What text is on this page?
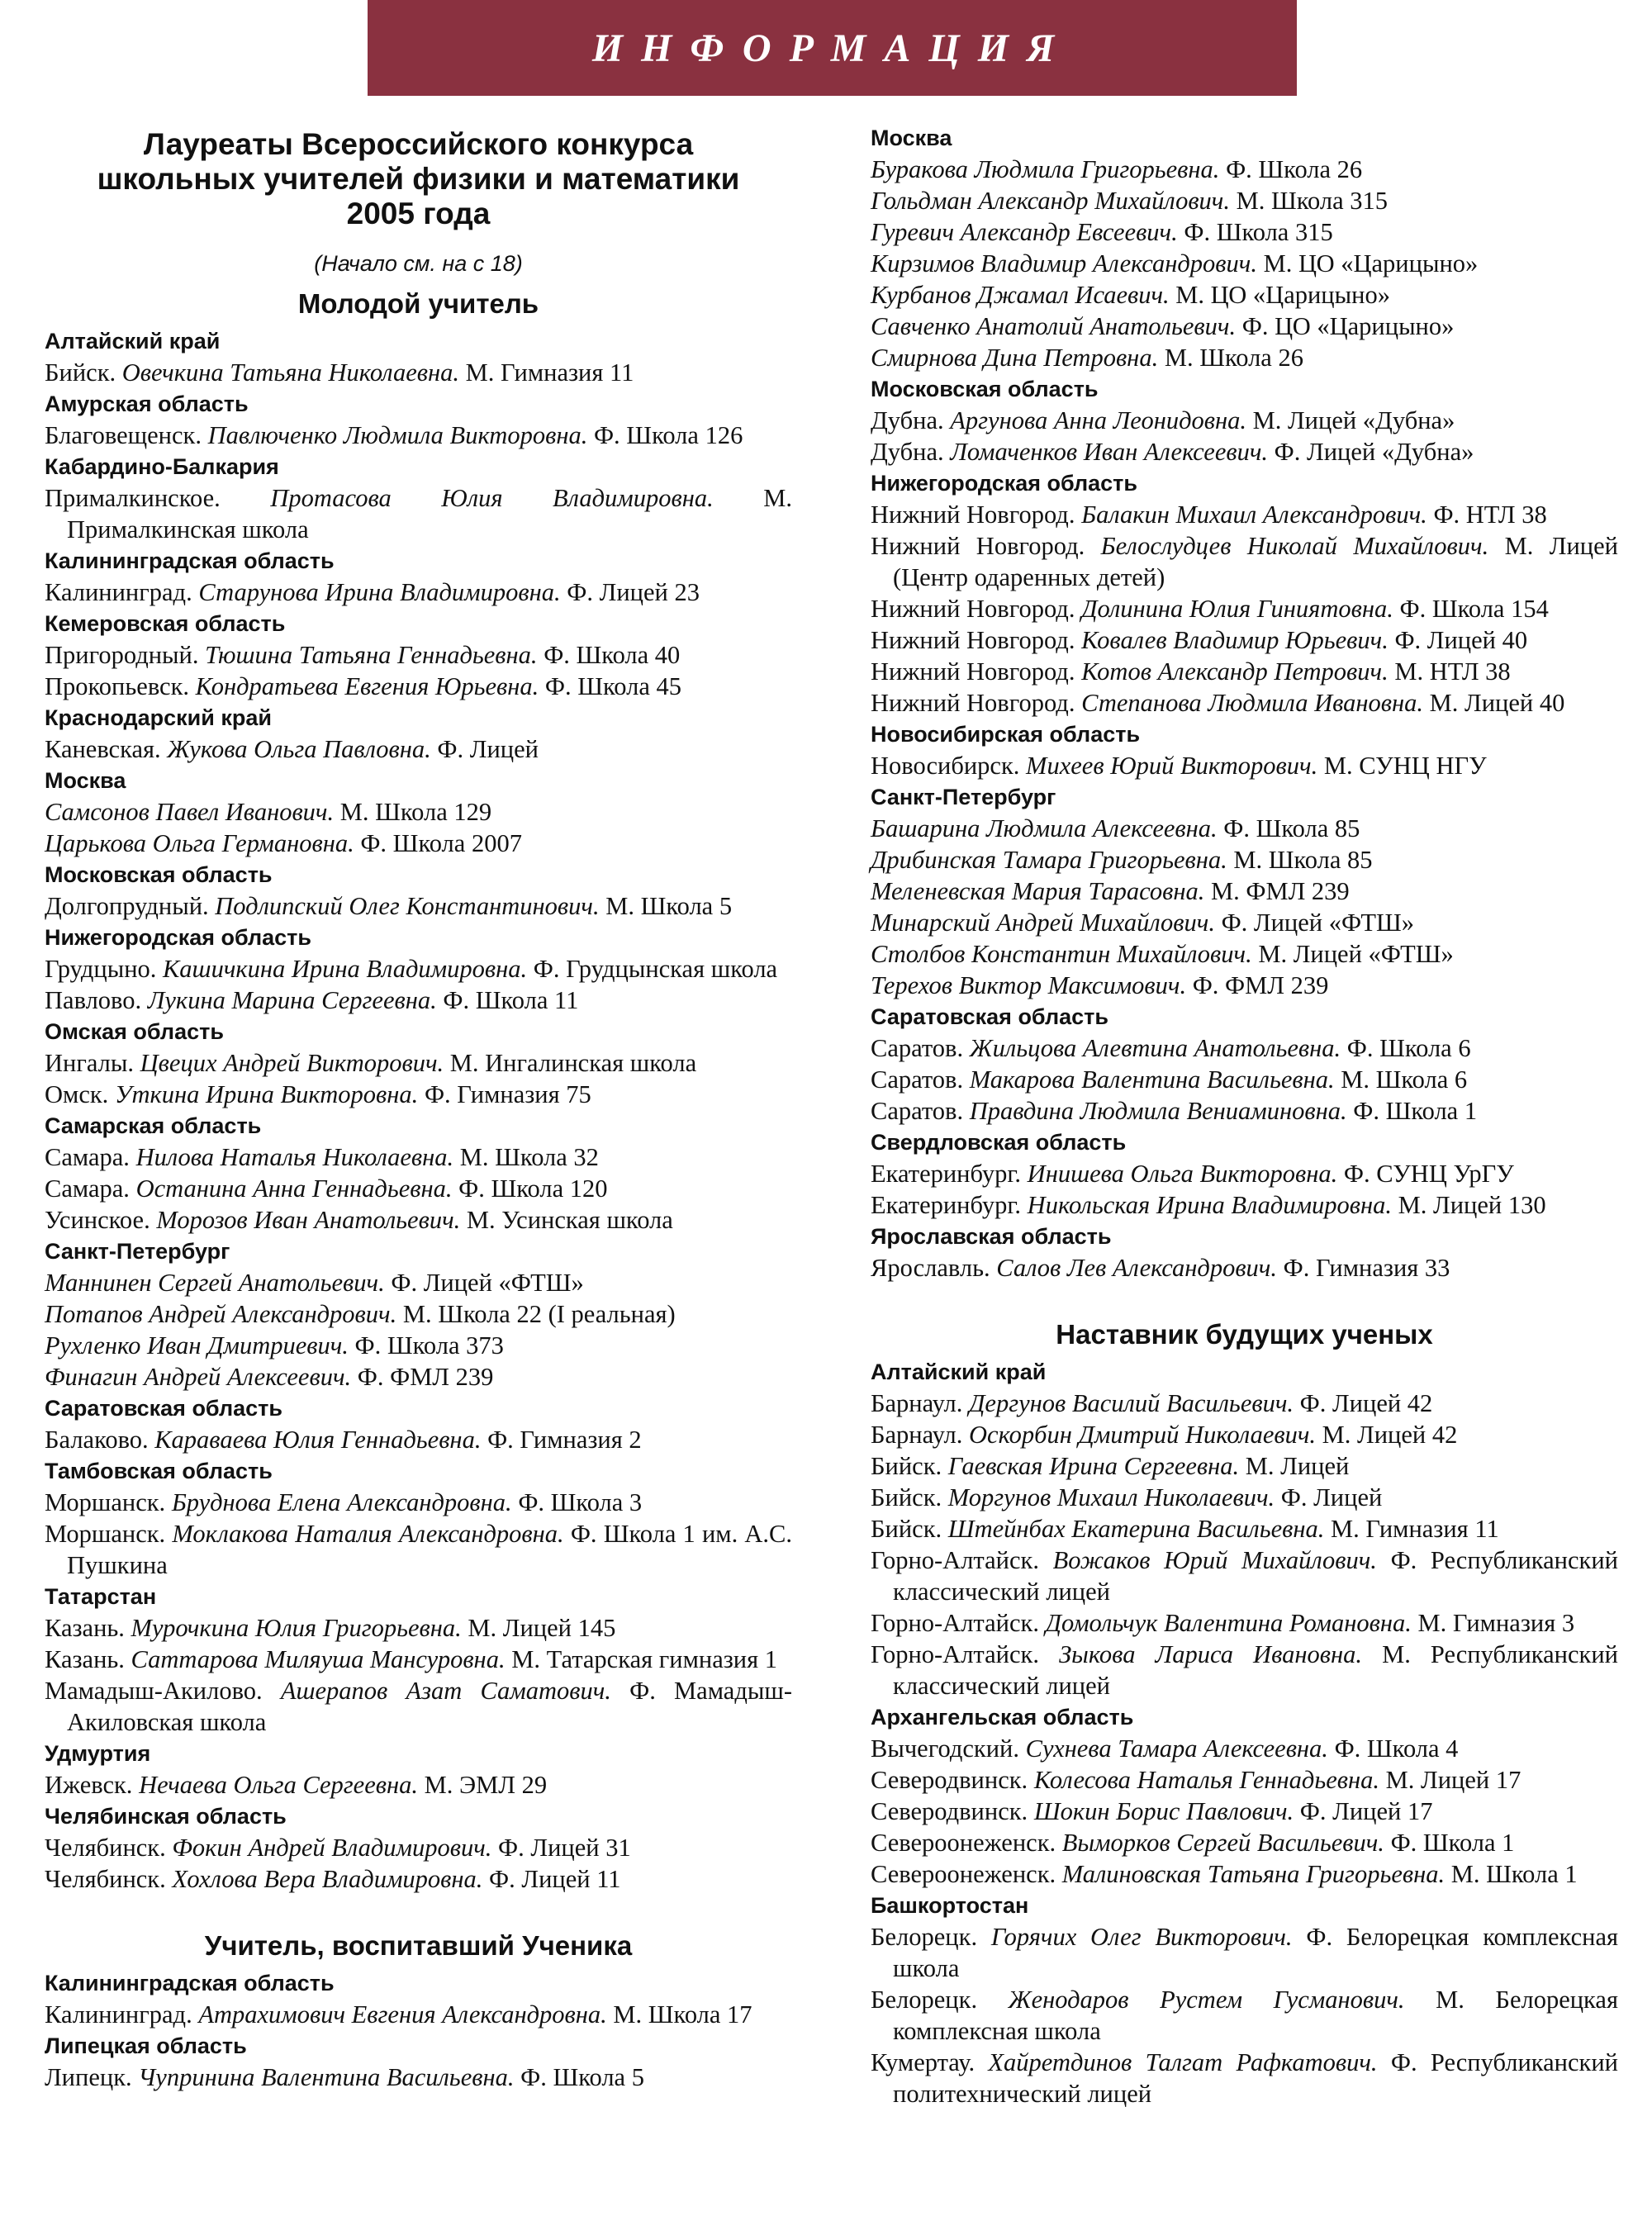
ИНФОРМАЦИЯ
Лауреаты Всероссийского конкурса
школьных учителей физики и математики
2005 года
(Начало см. на с 18)
Молодой учитель
Алтайский край
Бийск. Овечкина Татьяна Николаевна. М. Гимназия 11
Амурская область
Благовещенск. Павлюченко Людмила Викторовна. Ф. Школа 126
Кабардино-Балкария
Прималкинское. Протасова Юлия Владимировна. М. Прималкинская школа
Калининградская область
Калининград. Старунова Ирина Владимировна. Ф. Лицей 23
Кемеровская область
Пригородный. Тюшина Татьяна Геннадьевна. Ф. Школа 40
Прокопьевск. Кондратьева Евгения Юрьевна. Ф. Школа 45
Краснодарский край
Каневская. Жукова Ольга Павловна. Ф. Лицей
Москва
Самсонов Павел Иванович. М. Школа 129
Царькова Ольга Германовна. Ф. Школа 2007
Московская область
Долгопрудный. Подлипский Олег Константинович. М. Школа 5
Нижегородская область
Грудцыно. Кашичкина Ирина Владимировна. Ф. Грудцынская школа
Павлово. Лукина Марина Сергеевна. Ф. Школа 11
Омская область
Ингалы. Цвецих Андрей Викторович. М. Ингалинская школа
Омск. Уткина Ирина Викторовна. Ф. Гимназия 75
Самарская область
Самара. Нилова Наталья Николаевна. М. Школа 32
Самара. Останина Анна Геннадьевна. Ф. Школа 120
Усинское. Морозов Иван Анатольевич. М. Усинская школа
Санкт-Петербург
Маннинен Сергей Анатольевич. Ф. Лицей «ФТШ»
Потапов Андрей Александрович. М. Школа 22 (I реальная)
Рухленко Иван Дмитриевич. Ф. Школа 373
Финагин Андрей Алексеевич. Ф. ФМЛ 239
Саратовская область
Балаково. Караваева Юлия Геннадьевна. Ф. Гимназия 2
Тамбовская область
Моршанск. Бруднова Елена Александровна. Ф. Школа 3
Моршанск. Моклакова Наталия Александровна. Ф. Школа 1 им. А.С. Пушкина
Татарстан
Казань. Мурочкина Юлия Григорьевна. М. Лицей 145
Казань. Саттарова Миляуша Мансуровна. М. Татарская гимназия 1
Мамадыш-Акилово. Ашерапов Азат Саматович. Ф. Мамадыш-Акиловская школа
Удмуртия
Ижевск. Нечаева Ольга Сергеевна. М. ЭМЛ 29
Челябинская область
Челябинск. Фокин Андрей Владимирович. Ф. Лицей 31
Челябинск. Хохлова Вера Владимировна. Ф. Лицей 11
Учитель, воспитавший Ученика
Калининградская область
Калининград. Атрахимович Евгения Александровна. М. Школа 17
Липецкая область
Липецк. Чупринина Валентина Васильевна. Ф. Школа 5
Москва
Буракова Людмила Григорьевна. Ф. Школа 26
Гольдман Александр Михайлович. М. Школа 315
Гуревич Александр Евсеевич. Ф. Школа 315
Кирзимов Владимир Александрович. М. ЦО «Царицыно»
Курбанов Джамал Исаевич. М. ЦО «Царицыно»
Савченко Анатолий Анатольевич. Ф. ЦО «Царицыно»
Смирнова Дина Петровна. М. Школа 26
Московская область
Дубна. Аргунова Анна Леонидовна. М. Лицей «Дубна»
Дубна. Ломаченков Иван Алексеевич. Ф. Лицей «Дубна»
Нижегородская область
Нижний Новгород. Балакин Михаил Александрович. Ф. НТЛ 38
Нижний Новгород. Белослудцев Николай Михайлович. М. Лицей (Центр одаренных детей)
Нижний Новгород. Долинина Юлия Гиниятовна. Ф. Школа 154
Нижний Новгород. Ковалев Владимир Юрьевич. Ф. Лицей 40
Нижний Новгород. Котов Александр Петрович. М. НТЛ 38
Нижний Новгород. Степанова Людмила Ивановна. М. Лицей 40
Новосибирская область
Новосибирск. Михеев Юрий Викторович. М. СУНЦ НГУ
Санкт-Петербург
Башарина Людмила Алексеевна. Ф. Школа 85
Дрибинская Тамара Григорьевна. М. Школа 85
Меленевская Мария Тарасовна. М. ФМЛ 239
Минарский Андрей Михайлович. Ф. Лицей «ФТШ»
Столбов Константин Михайлович. М. Лицей «ФТШ»
Терехов Виктор Максимович. Ф. ФМЛ 239
Саратовская область
Саратов. Жильцова Алевтина Анатольевна. Ф. Школа 6
Саратов. Макарова Валентина Васильевна. М. Школа 6
Саратов. Правдина Людмила Вениаминовна. Ф. Школа 1
Свердловская область
Екатеринбург. Инишева Ольга Викторовна. Ф. СУНЦ УрГУ
Екатеринбург. Никольская Ирина Владимировна. М. Лицей 130
Ярославская область
Ярославль. Салов Лев Александрович. Ф. Гимназия 33
Наставник будущих ученых
Алтайский край
Барнаул. Дергунов Василий Васильевич. Ф. Лицей 42
Барнаул. Оскорбин Дмитрий Николаевич. М. Лицей 42
Бийск. Гаевская Ирина Сергеевна. М. Лицей
Бийск. Моргунов Михаил Николаевич. Ф. Лицей
Бийск. Штейнбах Екатерина Васильевна. М. Гимназия 11
Горно-Алтайск. Вожаков Юрий Михайлович. Ф. Республиканский классический лицей
Горно-Алтайск. Домольчук Валентина Романовна. М. Гимназия 3
Горно-Алтайск. Зыкова Лариса Ивановна. М. Республиканский классический лицей
Архангельская область
Вычегодский. Сухнева Тамара Алексеевна. Ф. Школа 4
Северодвинск. Колесова Наталья Геннадьевна. М. Лицей 17
Северодвинск. Шокин Борис Павлович. Ф. Лицей 17
Североонеженск. Выморков Сергей Васильевич. Ф. Школа 1
Североонеженск. Малиновская Татьяна Григорьевна. М. Школа 1
Башкортостан
Белорецк. Горячих Олег Викторович. Ф. Белорецкая комплексная школа
Белорецк. Женодаров Рустем Гусманович. М. Белорецкая комплексная школа
Кумертау. Хайретдинов Талгат Рафкатович. Ф. Республиканский политехнический лицей
